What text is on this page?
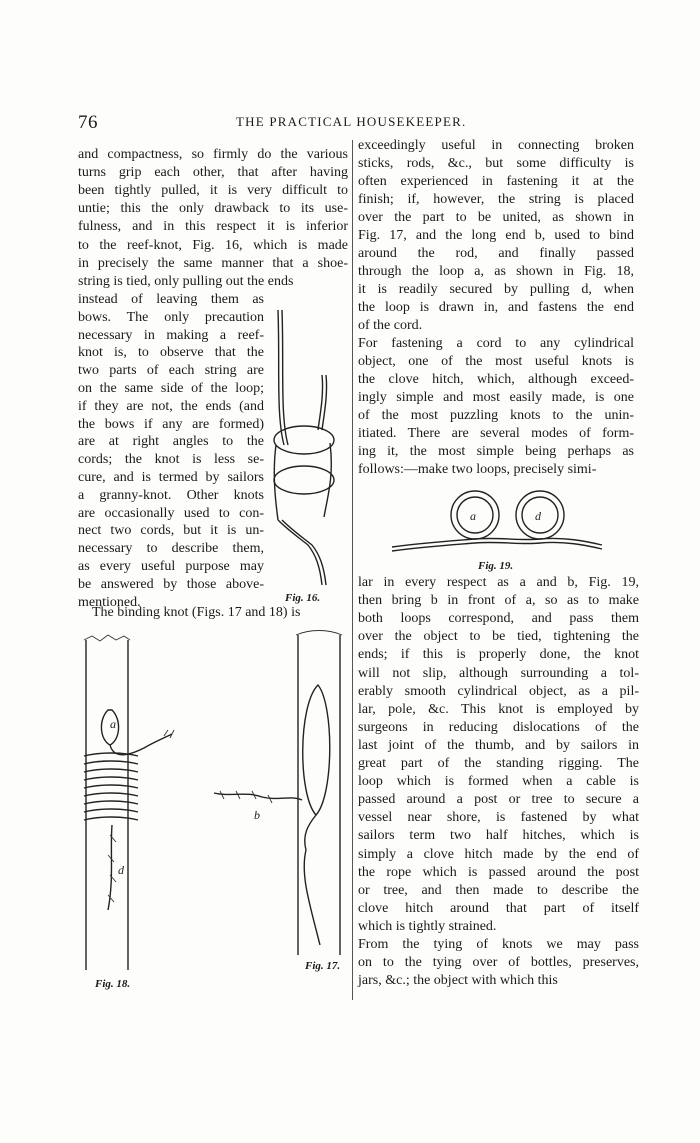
76	THE PRACTICAL HOUSEKEEPER.
and compactness, so firmly do the various
turns grip each other, that after having
been tightly pulled, it is very difficult to
untie; this the only drawback to its use-
fulness, and in this respect it is inferior
to the reef-knot, Fig. 16, which is made
in precisely the same manner that a shoe-
string is tied, only pulling out the ends
instead of leaving them as
bows. The only precaution
necessary in making a reef-
knot is, to observe that the
two parts of each string are
on the same side of the loop;
if they are not, the ends (and
the bows if any are formed)
are at right angles to the
cords; the knot is less se-
cure, and is termed by sailors
a granny-knot. Other knots
are occasionally used to con-
nect two cords, but it is un-
necessary to describe them,
as every useful purpose may
be answered by those above-
mentioned.
The binding knot (Figs. 17 and 18) is
exceedingly useful in connecting broken
sticks, rods, &c., but some difficulty is
often experienced in fastening it at the
finish; if, however, the string is placed
over the part to be united, as shown in
Fig. 17, and the long end b, used to bind
around the rod, and finally passed
through the loop a, as shown in Fig. 18,
it is readily secured by pulling d, when
the loop is drawn in, and fastens the end
of the cord.
For fastening a cord to any cylindrical
object, one of the most useful knots is
the clove hitch, which, although exceed-
ingly simple and most easily made, is one
of the most puzzling knots to the unin-
itiated. There are several modes of form-
ing it, the most simple being perhaps as
follows:—make two loops, precisely simi-
lar in every respect as a and b, Fig. 19,
then bring b in front of a, so as to make
both loops correspond, and pass them
over the object to be tied, tightening the
ends; if this is properly done, the knot
will not slip, although surrounding a tol-
erably smooth cylindrical object, as a pil-
lar, pole, &c. This knot is employed by
surgeons in reducing dislocations of the
last joint of the thumb, and by sailors in
great part of the standing rigging. The
loop which is formed when a cable is
passed around a post or tree to secure a
vessel near shore, is fastened by what
sailors term two half hitches, which is
simply a clove hitch made by the end of
the rope which is passed around the post
or tree, and then made to describe the
clove hitch around that part of itself
which is tightly strained.
From the tying of knots we may pass
on to the tying over of bottles, preserves,
jars, &c.; the object with which this
Fig. 16.
a
d
Fig. 18.
b
Fig. 17.
a	d
Fig. 19.
